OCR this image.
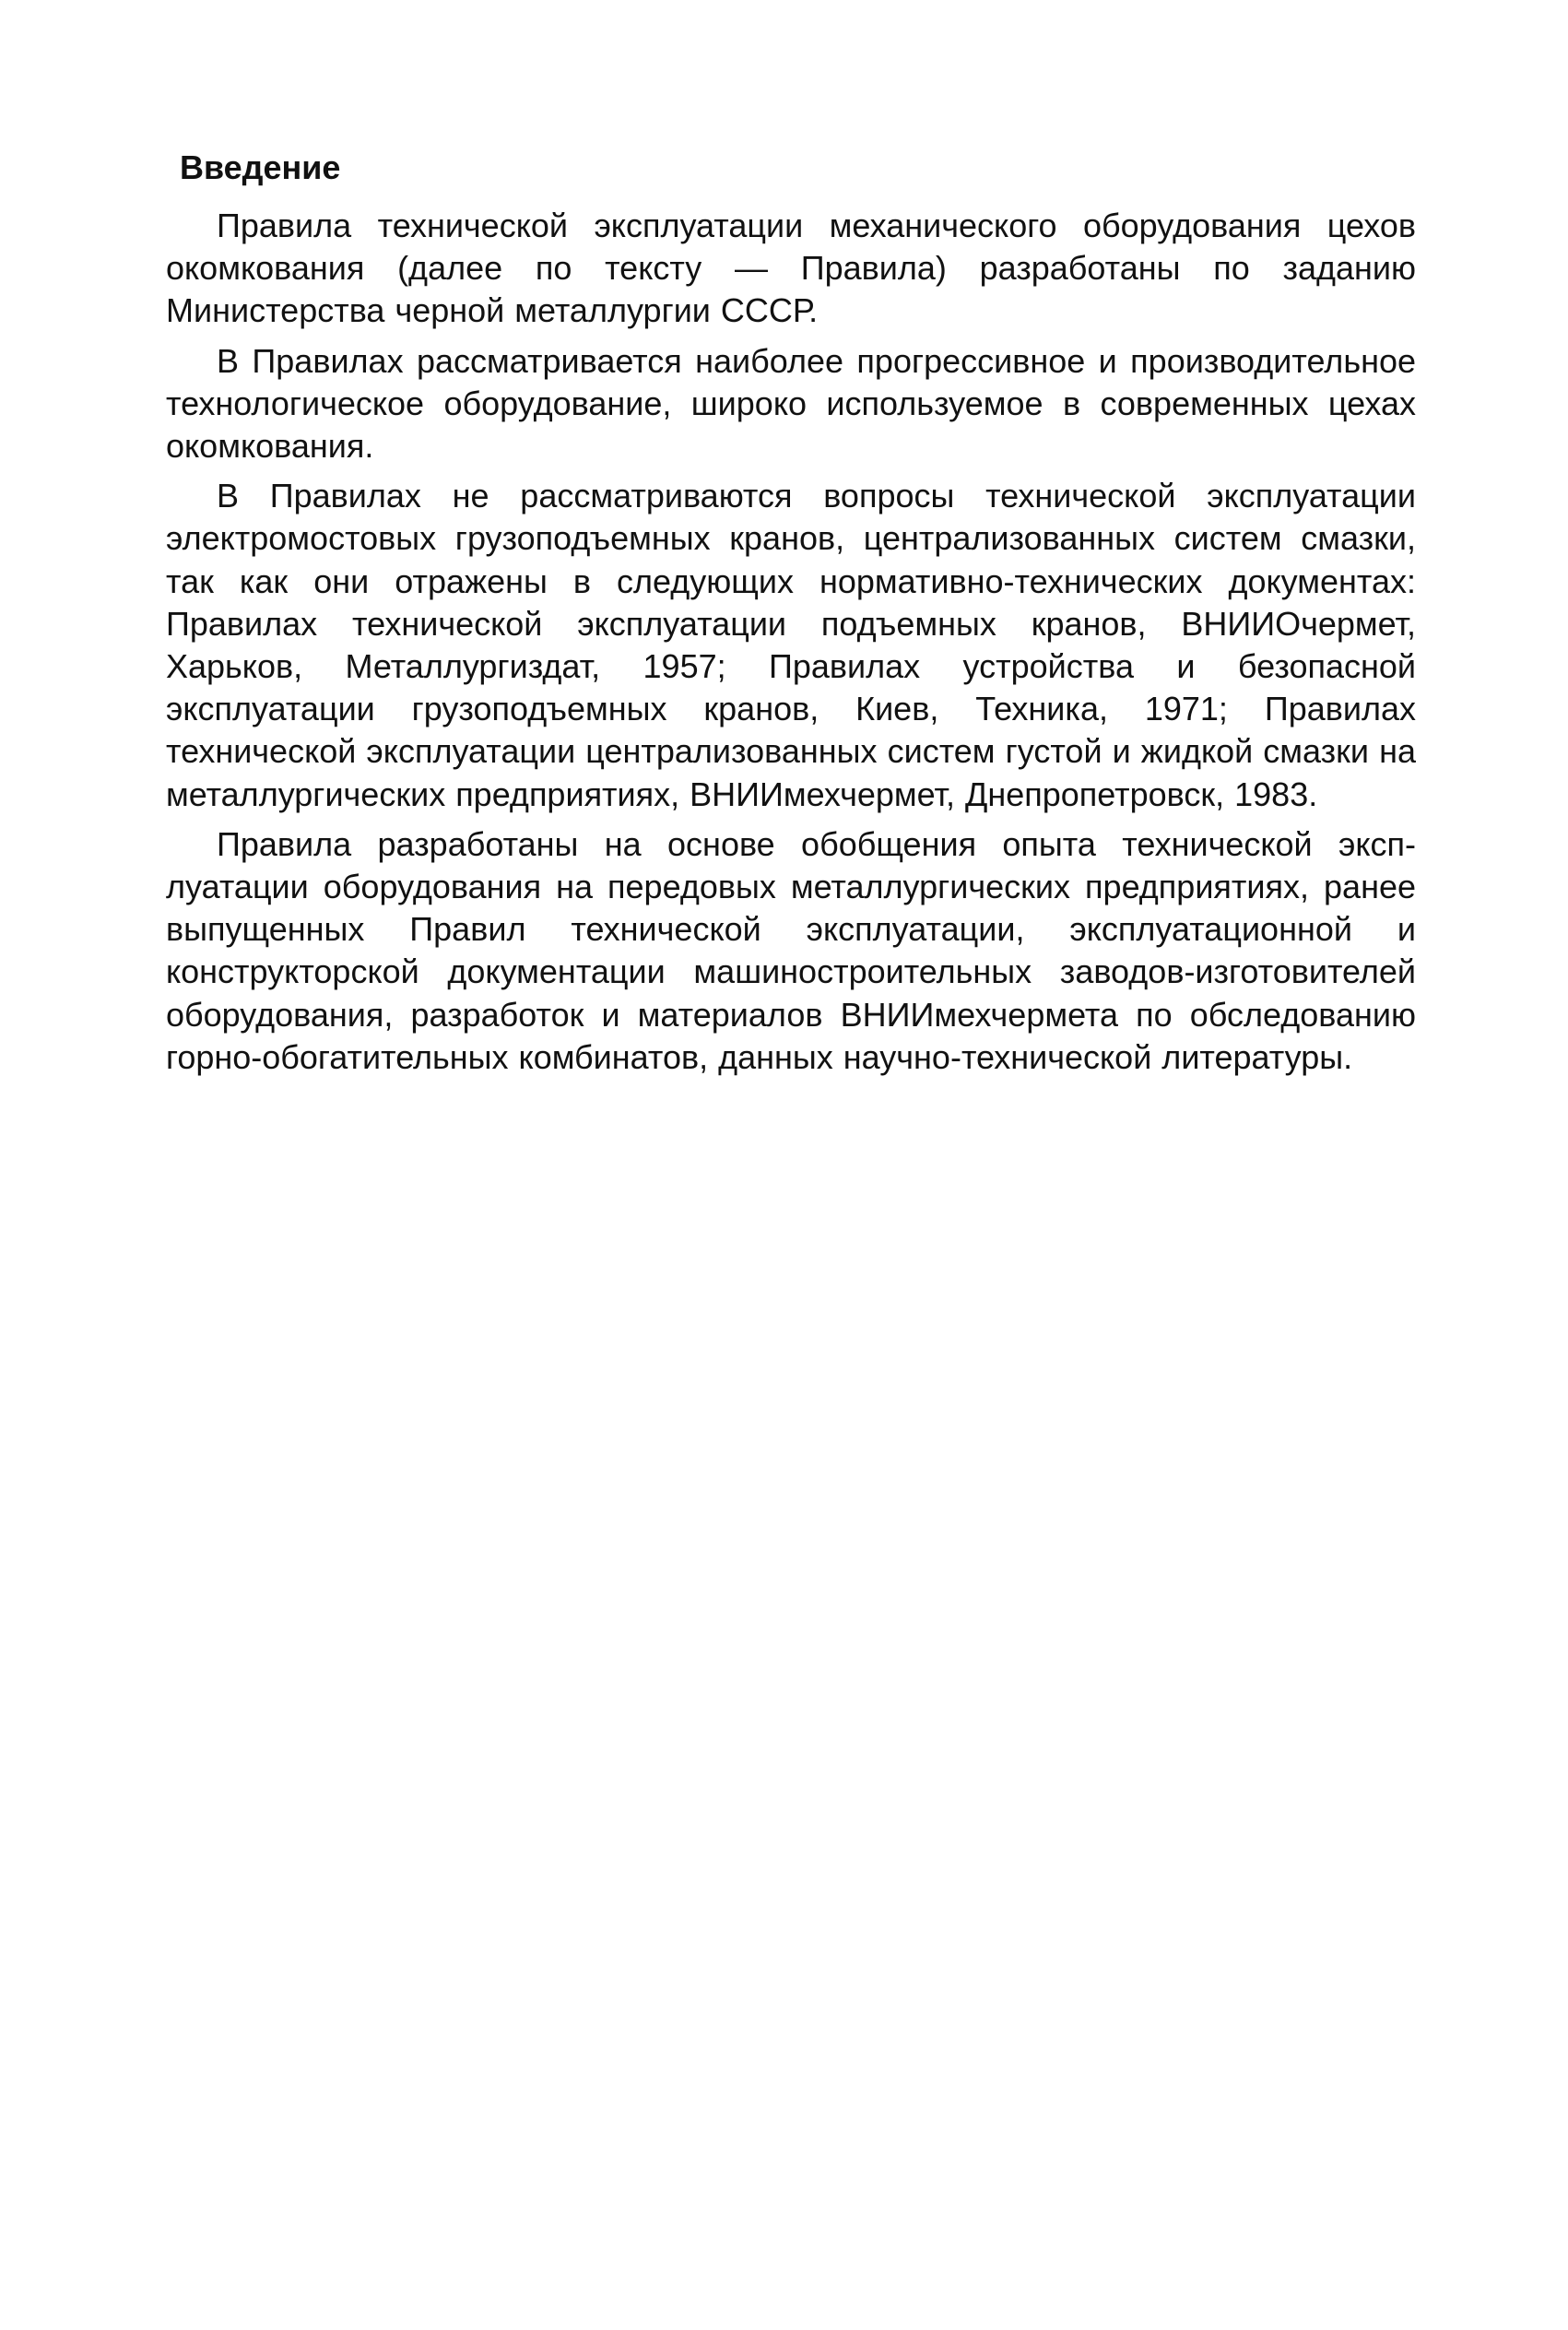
Введение

Правила технической эксплуатации механического оборудования цехов окомкования (далее по тексту — Правила) разработаны по заданию Министерства черной металлургии СССР.

В Правилах рассматривается наиболее прогрессивное и производительное технологическое оборудование, широко используемое в современных цехах окомкования.

В Правилах не рассматриваются вопросы технической эксплуатации электромостовых грузоподъемных кранов, централизованных систем смазки, так как они отражены в следующих нормативно-технических документах: Правилах технической эксплуатации подъемных кранов, ВНИИОчермет, Харьков, Металлургиздат, 1957; Правилах устройства и безопасной эксплуатации грузоподъемных кранов, Киев, Техника, 1971; Правилах технической эксплуатации централизованных систем густой и жидкой смазки на металлургических предприятиях, ВНИИмехчермет, Днепропетровск, 1983.

Правила разработаны на основе обобщения опыта технической эксплуатации оборудования на передовых металлургических предприятиях, ранее выпущенных Правил технической эксплуатации, эксплуатационной и конструкторской документации машиностроительных заводов-изготовителей оборудования, разработок и материалов ВНИИмехчермета по обследованию горно-обогатительных комбинатов, данных научно-технической литературы.
